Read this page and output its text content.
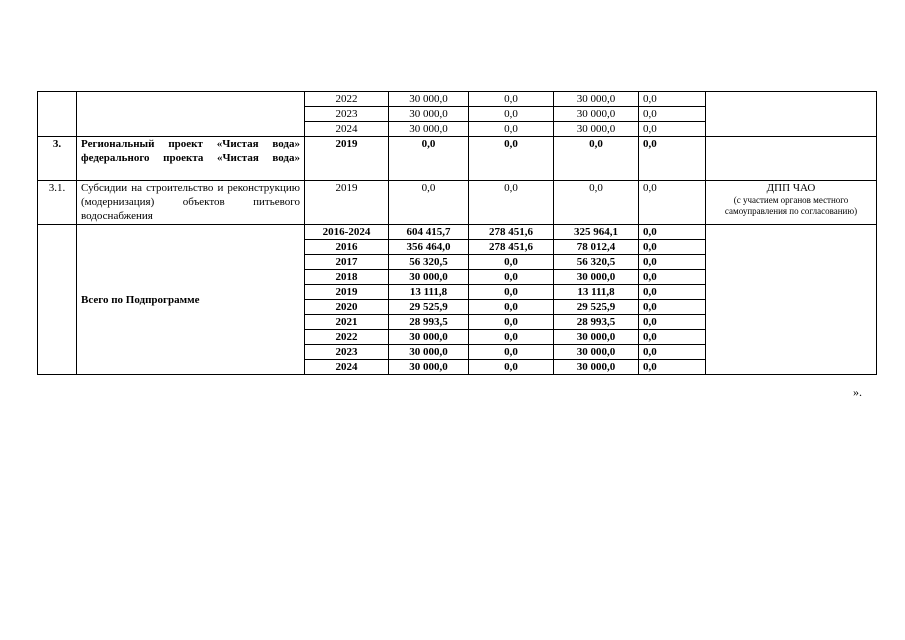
		2022	30 000,0	0,0	30 000,0	0,0	
		2023	30 000,0	0,0	30 000,0	0,0	
		2024	30 000,0	0,0	30 000,0	0,0	
3.	Региональный проект «Чистая вода» федерального проекта «Чистая вода»	2019	0,0	0,0	0,0	0,0	
3.1.	Субсидии на строительство и реконструкцию (модернизация) объектов питьевого водоснабжения	2019	0,0	0,0	0,0	0,0	ДПП ЧАО
(с участием органов местного самоуправления по согласованию)

	Всего по Подпрограмме	2016-2024	604 415,7	278 451,6	325 964,1	0,0	
		2016	356 464,0	278 451,6	78 012,4	0,0	
		2017	56 320,5	0,0	56 320,5	0,0	
		2018	30 000,0	0,0	30 000,0	0,0	
		2019	13 111,8	0,0	13 111,8	0,0	
		2020	29 525,9	0,0	29 525,9	0,0	
		2021	28 993,5	0,0	28 993,5	0,0	
		2022	30 000,0	0,0	30 000,0	0,0	
		2023	30 000,0	0,0	30 000,0	0,0	
		2024	30 000,0	0,0	30 000,0	0,0	
».
